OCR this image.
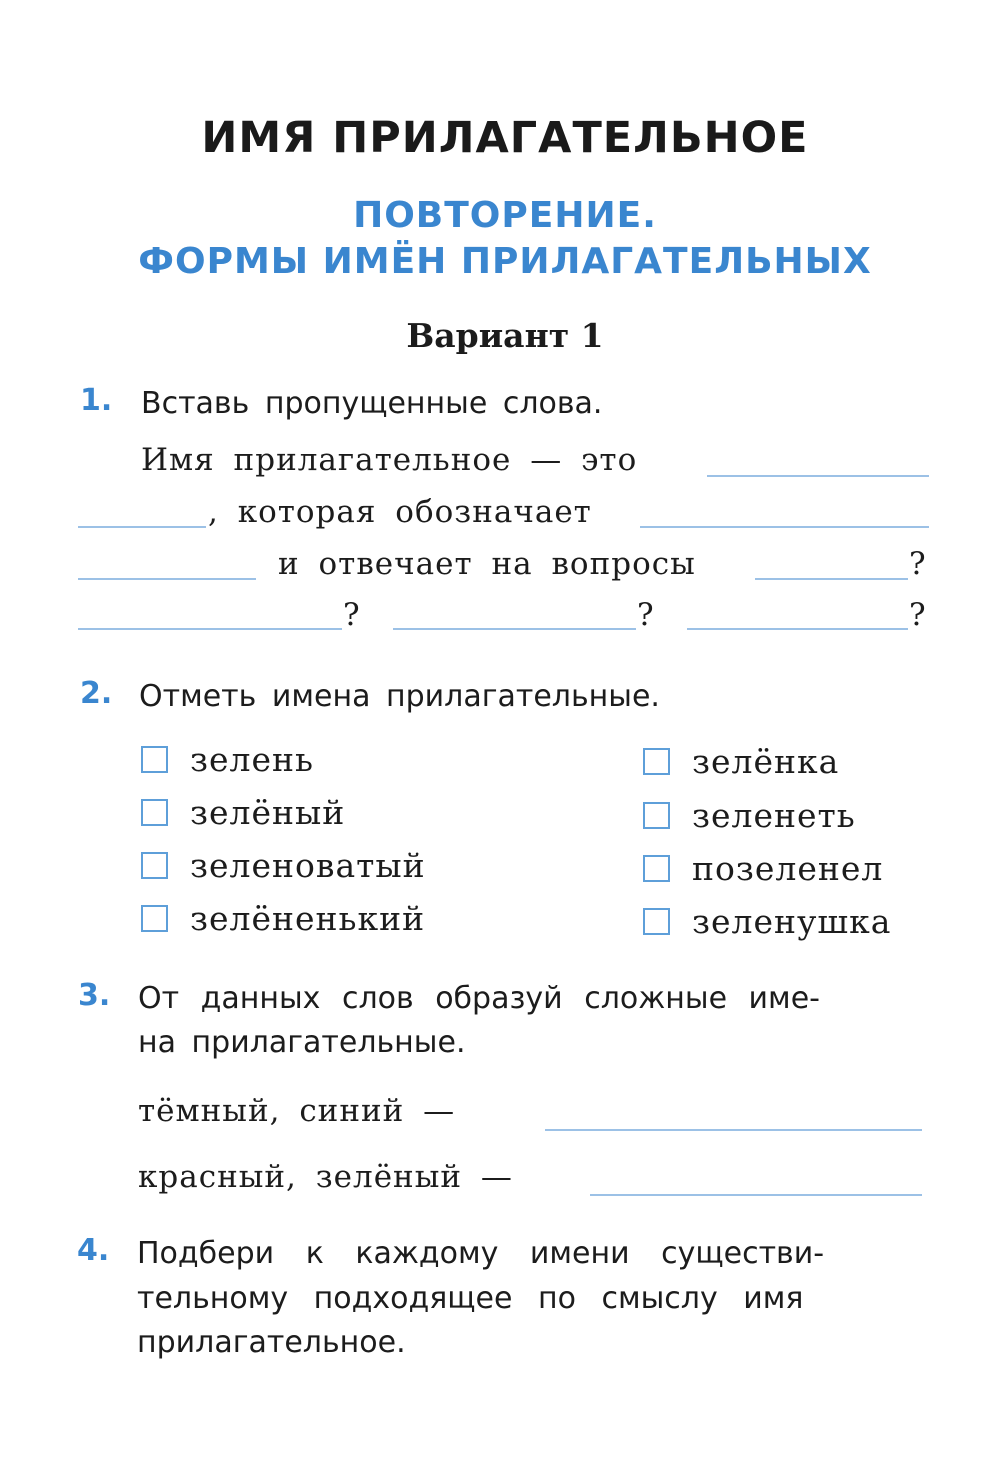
ИМЯ ПРИЛАГАТЕЛЬНОЕ
ПОВТОРЕНИЕ.
ФОРМЫ ИМЁН ПРИЛАГАТЕЛЬНЫХ
Вариант 1
1. Вставь пропущенные слова.
Имя прилагательное — это
, которая обозначает
и отвечает на вопросы	?
?	?	?
2. Отметь имена прилагательные.
зелень
зелёный
зеленоватый
зелёненький
зелёнка
зеленеть
позеленел
зеленушка
3. От данных слов образуй сложные име-
на прилагательные.
тёмный, синий —
красный, зелёный —
4. Подбери к каждому имени существи-
тельному подходящее по смыслу имя
прилагательное.
